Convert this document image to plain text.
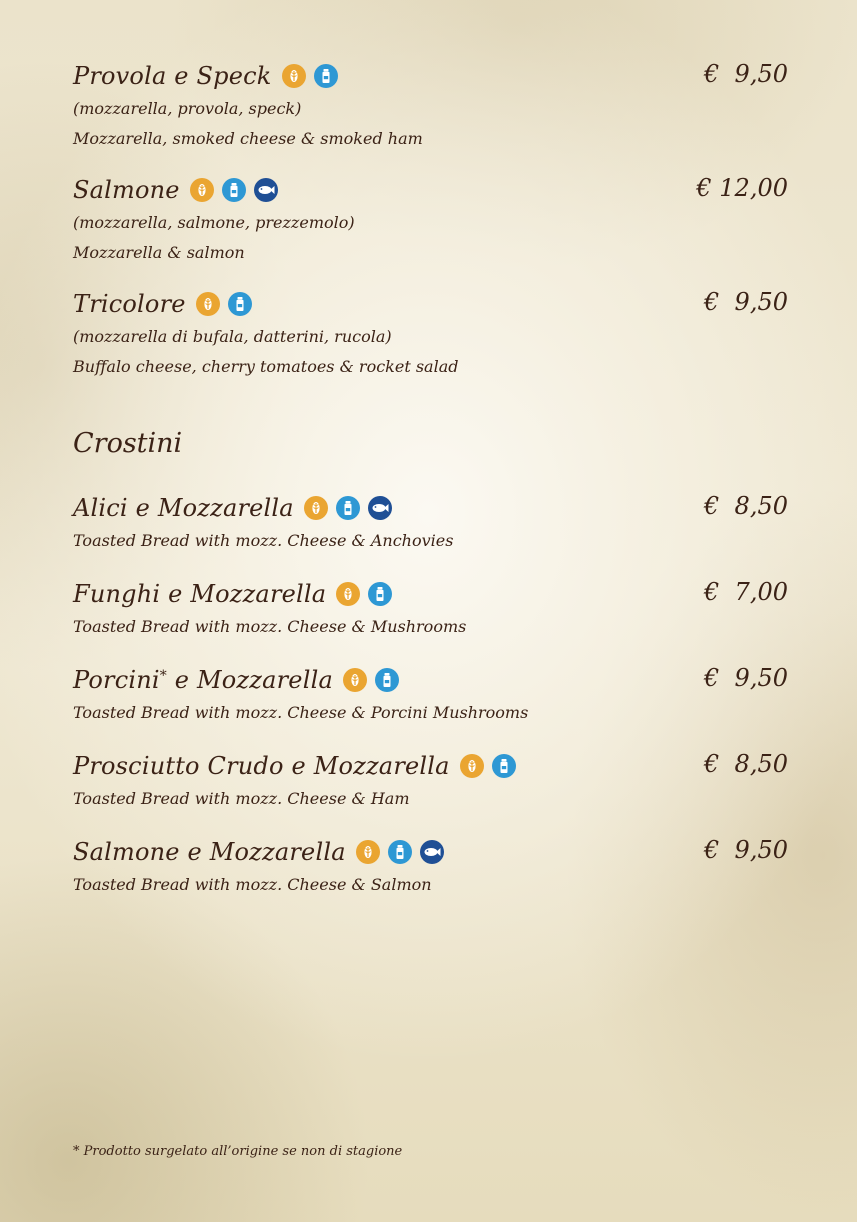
Provola e Speck	€  9,50
(mozzarella, provola, speck)
Mozzarella, smoked cheese & smoked ham
Salmone	€ 12,00
(mozzarella, salmone, prezzemolo)
Mozzarella & salmon
Tricolore	€  9,50
(mozzarella di bufala, datterini, rucola)
Buffalo cheese, cherry tomatoes & rocket salad
Crostini
Alici e Mozzarella	€  8,50
Toasted Bread with mozz. Cheese & Anchovies
Funghi e Mozzarella	€  7,00
Toasted Bread with mozz. Cheese & Mushrooms
Porcini* e Mozzarella	€  9,50
Toasted Bread with mozz. Cheese & Porcini Mushrooms
Prosciutto Crudo e Mozzarella	€  8,50
Toasted Bread with mozz. Cheese & Ham
Salmone e Mozzarella	€  9,50
Toasted Bread with mozz. Cheese & Salmon
* Prodotto surgelato all’origine se non di stagione
